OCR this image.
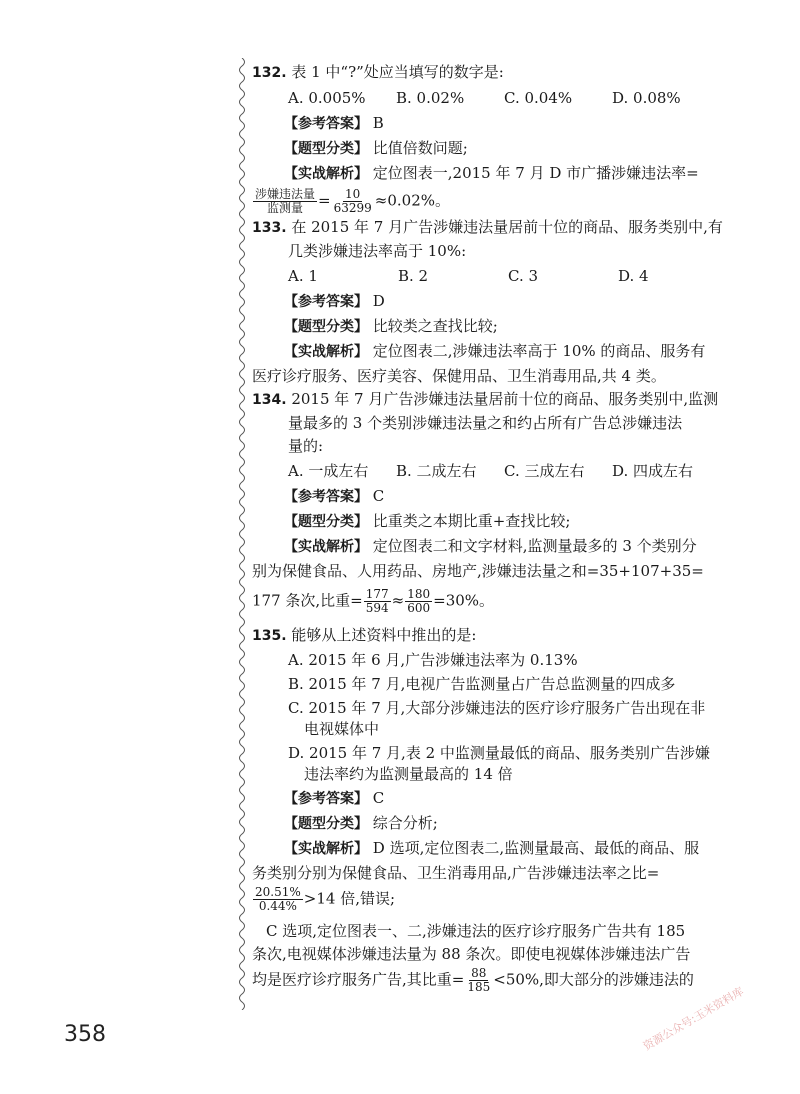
132. 表 1 中“?”处应当填写的数字是:
A. 0.005%	B. 0.02%	C. 0.04%	D. 0.08%
【参考答案】 B
【题型分类】 比值倍数问题;
【实战解析】 定位图表一,2015 年 7 月 D 市广播涉嫌违法率=
$\frac{\text{涉嫌违法量}}{\text{监测量}} = \frac{10}{63299} \approx 0.02\%$。
133. 在 2015 年 7 月广告涉嫌违法量居前十位的商品、服务类别中,有
几类涉嫌违法率高于 10%:
A. 1	B. 2	C. 3	D. 4
【参考答案】 D
【题型分类】 比较类之查找比较;
【实战解析】 定位图表二,涉嫌违法率高于 10% 的商品、服务有
医疗诊疗服务、医疗美容、保健用品、卫生消毒用品,共 4 类。
134. 2015 年 7 月广告涉嫌违法量居前十位的商品、服务类别中,监测
量最多的 3 个类别涉嫌违法量之和约占所有广告总涉嫌违法
量的:
A. 一成左右	B. 二成左右	C. 三成左右	D. 四成左右
【参考答案】 C
【题型分类】 比重类之本期比重+查找比较;
【实战解析】 定位图表二和文字材料,监测量最多的 3 个类别分
别为保健食品、人用药品、房地产,涉嫌违法量之和=35+107+35=
177 条次,比重= $\frac{177}{594} \approx \frac{180}{600} =30\%$。
135. 能够从上述资料中推出的是:
A. 2015 年 6 月,广告涉嫌违法率为 0.13%
B. 2015 年 7 月,电视广告监测量占广告总监测量的四成多
C. 2015 年 7 月,大部分涉嫌违法的医疗诊疗服务广告出现在非
电视媒体中
D. 2015 年 7 月,表 2 中监测量最低的商品、服务类别广告涉嫌
违法率约为监测量最高的 14 倍
【参考答案】 C
【题型分类】 综合分析;
【实战解析】 D 选项,定位图表二,监测量最高、最低的商品、服
务类别分别为保健食品、卫生消毒用品,广告涉嫌违法率之比=
$\frac{20.51\%}{0.44\%} >14$ 倍,错误;
C 选项,定位图表一、二,涉嫌违法的医疗诊疗服务广告共有 185
条次,电视媒体涉嫌违法量为 88 条次。即使电视媒体涉嫌违法广告
均是医疗诊疗服务广告,其比重= $\frac{88}{185} <50\%$,即大部分的涉嫌违法的
358	资源公众号:玉米资料库
